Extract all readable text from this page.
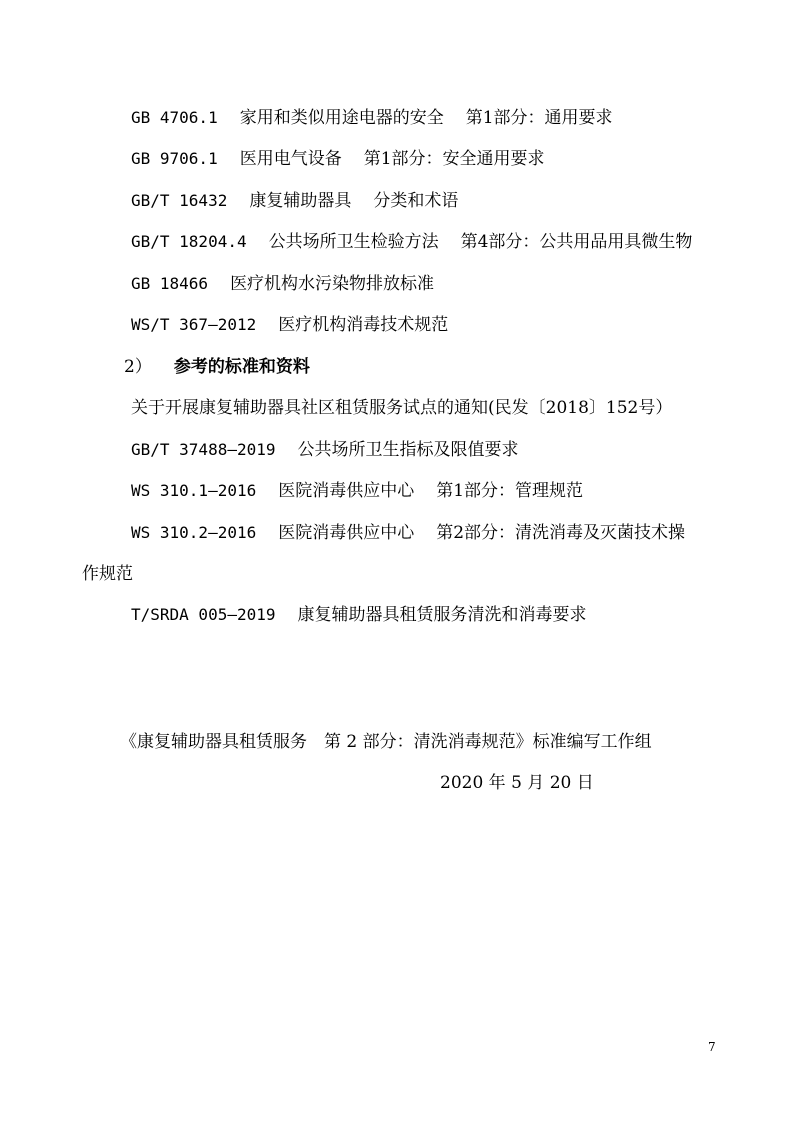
GB 4706.1 家用和类似用途电器的安全 第1部分：通用要求
GB 9706.1 医用电气设备 第1部分：安全通用要求
GB/T 16432 康复辅助器具 分类和术语
GB/T 18204.4 公共场所卫生检验方法 第4部分：公共用品用具微生物
GB 18466 医疗机构水污染物排放标准
WS/T 367—2012 医疗机构消毒技术规范
2） 参考的标准和资料
关于开展康复辅助器具社区租赁服务试点的通知(民发〔2018〕152号）
GB/T 37488—2019 公共场所卫生指标及限值要求
WS 310.1—2016 医院消毒供应中心 第1部分：管理规范
WS 310.2—2016 医院消毒供应中心 第2部分：清洗消毒及灭菌技术操
作规范
T/SRDA 005—2019 康复辅助器具租赁服务清洗和消毒要求
《康复辅助器具租赁服务　第 2 部分：清洗消毒规范》标准编写工作组
2020 年 5 月 20 日
7
